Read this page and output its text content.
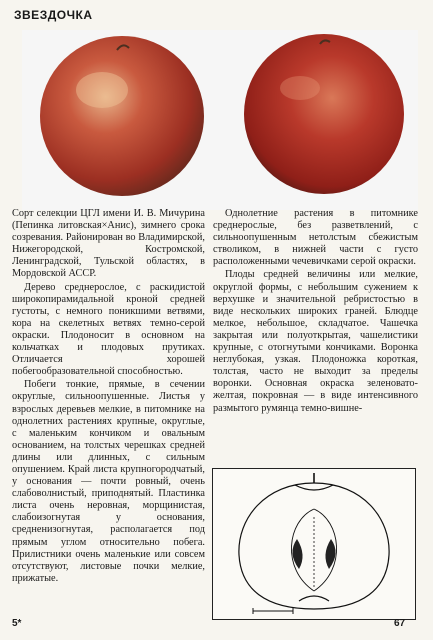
ЗВЕЗДОЧКА

Сорт селекции ЦГЛ имени И. В. Мичурина (Пепинка литовская×Анис), зимнего срока созревания. Районирован во Владимирской, Нижегородской, Костромской, Ленинградской, Тульской областях, в Мордовской АССР.

Дерево среднерослое, с раскидистой широкопирамидальной кроной средней густоты, с немного поникшими ветвями, кора на скелетных ветвях темно-серой окраски. Плодоносит в основном на кольчатках и плодовых прутиках. Отличается хорошей побегообразовательной способностью.

Побеги тонкие, прямые, в сечении округлые, сильноопушенные. Листья у взрослых деревьев мелкие, в питомнике на однолетних растениях крупные, округлые, с маленьким кончиком и овальным основанием, на толстых черешках средней длины или длинных, с сильным опушением. Край листа крупногородчатый, у основания — почти ровный, очень слабоволнистый, приподнятый. Пластинка листа очень неровная, морщинистая, слабоизогнутая у основания, средненизогнутая, располагается под прямым углом относительно побега. Прилистники очень маленькие или совсем отсутствуют, листовые почки мелкие, прижатые.

Однолетние растения в питомнике среднерослые, без разветвлений, с сильноопушенным нетолстым сбежистым стволиком, в нижней части с густо расположенными чечевичками серой окраски.

Плоды средней величины или мелкие, округлой формы, с небольшим сужением к верхушке и значительной ребристостью в виде нескольких широких граней. Блюдце мелкое, небольшое, складчатое. Чашечка закрытая или полуоткрытая, чашелистики крупные, с отогнутыми кончиками. Воронка неглубокая, узкая. Плодоножка короткая, толстая, часто не выходит за пределы воронки. Основная окраска зеленовато-желтая, покровная — в виде интенсивного размытого румянца темно-вишне-

5*	67
